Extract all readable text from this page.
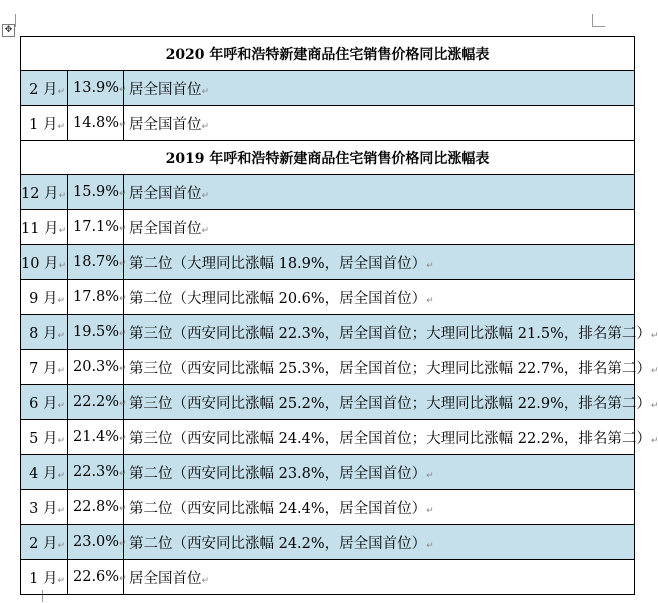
✥
2020 年呼和浩特新建商品住宅销售价格同比涨幅表		
2 月↵	13.9%↵	居全国首位↵
1 月↵	14.8%↵	居全国首位↵
2019 年呼和浩特新建商品住宅销售价格同比涨幅表		
12 月↵	15.9%↵	居全国首位↵
11 月↵	17.1%↵	居全国首位↵
10 月↵	18.7%↵	第二位（大理同比涨幅 18.9%，居全国首位）↵
9 月↵	17.8%↵	第二位（大理同比涨幅 20.6%，居全国首位）↵
8 月↵	19.5%↵	第三位（西安同比涨幅 22.3%，居全国首位；大理同比涨幅 21.5%，排名第二）↵
7 月↵	20.3%↵	第三位（西安同比涨幅 25.3%，居全国首位；大理同比涨幅 22.7%，排名第二）↵
6 月↵	22.2%↵	第三位（西安同比涨幅 25.2%，居全国首位；大理同比涨幅 22.9%，排名第二）↵
5 月↵	21.4%↵	第三位（西安同比涨幅 24.4%，居全国首位；大理同比涨幅 22.2%，排名第二）↵
4 月↵	22.3%↵	第二位（西安同比涨幅 23.8%，居全国首位）↵
3 月↵	22.8%↵	第二位（西安同比涨幅 24.4%，居全国首位）↵
2 月↵	23.0%↵	第二位（西安同比涨幅 24.2%，居全国首位）↵
1 月↵	22.6%↵	居全国首位↵
